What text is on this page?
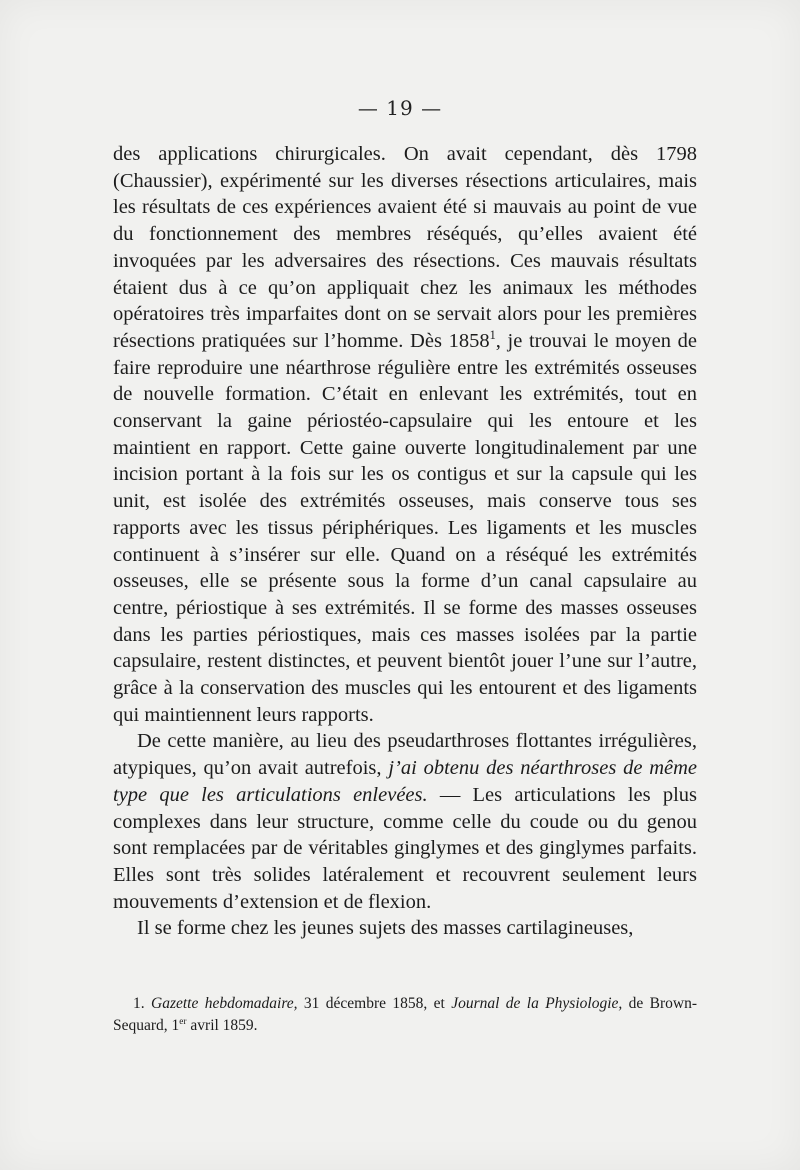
— 19 —

des applications chirurgicales. On avait cependant, dès 1798 (Chaussier), expérimenté sur les diverses résections articulaires, mais les résultats de ces expériences avaient été si mauvais au point de vue du fonctionnement des membres réséqués, qu’elles avaient été invoquées par les adversaires des résections. Ces mauvais résultats étaient dus à ce qu’on appliquait chez les animaux les méthodes opératoires très imparfaites dont on se servait alors pour les premières résections pratiquées sur l’homme. Dès 1858$^1$, je trouvai le moyen de faire reproduire une néarthrose régulière entre les extrémités osseuses de nouvelle formation. C’était en enlevant les extrémités, tout en conservant la gaine périostéo-capsulaire qui les entoure et les maintient en rapport. Cette gaine ouverte longitudinalement par une incision portant à la fois sur les os contigus et sur la capsule qui les unit, est isolée des extrémités osseuses, mais conserve tous ses rapports avec les tissus périphériques. Les ligaments et les muscles continuent à s’insérer sur elle. Quand on a réséqué les extrémités osseuses, elle se présente sous la forme d’un canal capsulaire au centre, périostique à ses extrémités. Il se forme des masses osseuses dans les parties périostiques, mais ces masses isolées par la partie capsulaire, restent distinctes, et peuvent bientôt jouer l’une sur l’autre, grâce à la conservation des muscles qui les entourent et des ligaments qui maintiennent leurs rapports.

De cette manière, au lieu des pseudarthroses flottantes irrégulières, atypiques, qu’on avait autrefois, j’ai obtenu des néarthroses de même type que les articulations enlevées. — Les articulations les plus complexes dans leur structure, comme celle du coude ou du genou sont remplacées par de véritables ginglymes et des ginglymes parfaits. Elles sont très solides latéralement et recouvrent seulement leurs mouvements d’extension et de flexion.

Il se forme chez les jeunes sujets des masses cartilagineuses,

1. Gazette hebdomadaire, 31 décembre 1858, et Journal de la Physiologie, de Brown-Sequard, 1er avril 1859.
